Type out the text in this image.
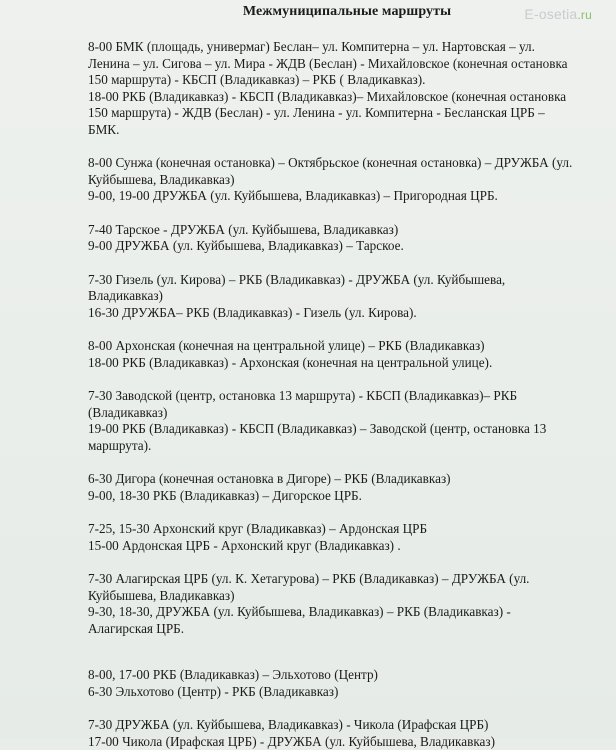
E-osetia.ru
Межмуниципальные маршруты
8-00 БМК (площадь, универмаг) Беслан– ул. Компитерна – ул. Нартовская – ул. Ленина – ул. Сигова – ул. Мира - ЖДВ (Беслан) - Михайловское (конечная остановка 150 маршрута) - КБСП (Владикавказ) – РКБ ( Владикавказ).
18-00 РКБ (Владикавказ) - КБСП (Владикавказ)– Михайловское (конечная остановка 150 маршрута) - ЖДВ (Беслан) - ул. Ленина - ул. Компитерна - Бесланская ЦРБ – БМК.
8-00 Сунжа (конечная остановка) – Октябрьское (конечная остановка) – ДРУЖБА (ул. Куйбышева, Владикавказ)
9-00, 19-00 ДРУЖБА (ул. Куйбышева, Владикавказ) – Пригородная ЦРБ.
7-40 Тарское - ДРУЖБА (ул. Куйбышева, Владикавказ)
9-00 ДРУЖБА (ул. Куйбышева, Владикавказ) – Тарское.
7-30 Гизель (ул. Кирова) – РКБ (Владикавказ) - ДРУЖБА (ул. Куйбышева, Владикавказ)
16-30 ДРУЖБА– РКБ (Владикавказ) - Гизель (ул. Кирова).
8-00 Архонская (конечная на центральной улице) – РКБ (Владикавказ)
18-00 РКБ (Владикавказ) - Архонская (конечная на центральной улице).
7-30 Заводской (центр, остановка 13 маршрута) - КБСП (Владикавказ)– РКБ (Владикавказ)
19-00 РКБ (Владикавказ) - КБСП (Владикавказ) – Заводской (центр, остановка 13 маршрута).
6-30 Дигора (конечная остановка в Дигоре) – РКБ (Владикавказ)
9-00, 18-30 РКБ (Владикавказ) – Дигорское ЦРБ.
7-25, 15-30 Архонский круг (Владикавказ) – Ардонская ЦРБ
15-00 Ардонская ЦРБ - Архонский круг (Владикавказ) .
7-30 Алагирская ЦРБ (ул. К. Хетагурова) – РКБ (Владикавказ) – ДРУЖБА (ул. Куйбышева, Владикавказ)
9-30, 18-30, ДРУЖБА (ул. Куйбышева, Владикавказ) – РКБ (Владикавказ) - Алагирская ЦРБ.
8-00, 17-00 РКБ (Владикавказ) – Эльхотово (Центр)
6-30 Эльхотово (Центр) - РКБ (Владикавказ)
7-30 ДРУЖБА (ул. Куйбышева, Владикавказ) - Чикола (Ирафская ЦРБ)
17-00 Чикола (Ирафская ЦРБ) - ДРУЖБА (ул. Куйбышева, Владикавказ)
